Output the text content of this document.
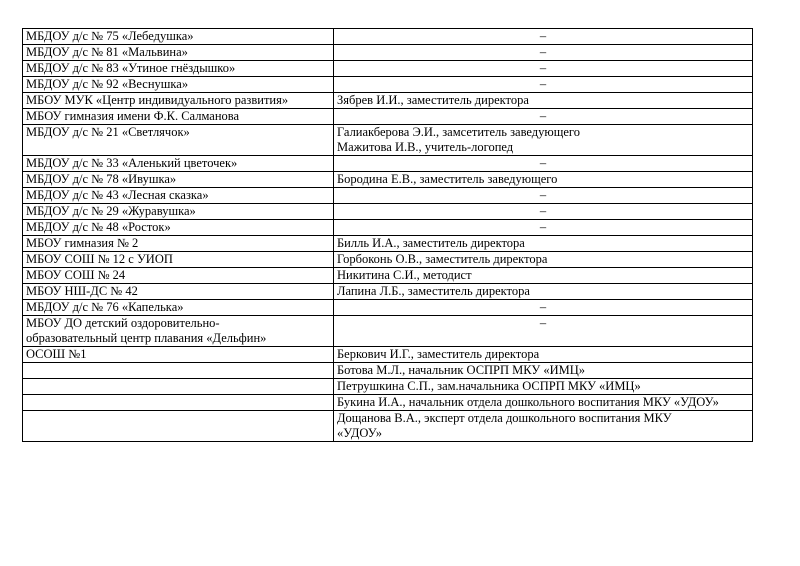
МБДОУ д/с № 75 «Лебедушка»	–
МБДОУ д/с № 81 «Мальвина»	–
МБДОУ д/с № 83 «Утиное гнёздышко»	–
МБДОУ д/с № 92 «Веснушка»	–
МБОУ МУК «Центр индивидуального развития»	Зябрев И.И., заместитель директора
МБОУ гимназия имени Ф.К. Салманова	–
МБДОУ д/с № 21 «Светлячок»	Галиакберова Э.И., замсетитель заведующего
Мажитова И.В., учитель-логопед
МБДОУ д/с № 33 «Аленький цветочек»	–
МБДОУ д/с № 78 «Ивушка»	Бородина Е.В., заместитель заведующего
МБДОУ д/с № 43 «Лесная сказка»	–
МБДОУ д/с № 29 «Журавушка»	–
МБДОУ д/с № 48 «Росток»	–
МБОУ гимназия № 2	Билль И.А., заместитель директора
МБОУ СОШ № 12 с УИОП	Горбоконь О.В., заместитель директора
МБОУ СОШ № 24	Никитина С.И., методист
МБОУ НШ-ДС № 42	Лапина Л.Б., заместитель директора
МБДОУ д/с № 76 «Капелька»	–
МБОУ ДО детский оздоровительно-
образовательный центр плавания «Дельфин»	–
ОСОШ №1	Беркович И.Г., заместитель директора
	Ботова М.Л., начальник ОСПРП МКУ «ИМЦ»
	Петрушкина С.П., зам.начальника ОСПРП МКУ «ИМЦ»
	Букина И.А., начальник отдела дошкольного воспитания МКУ «УДОУ»
	Дощанова В.А., эксперт отдела дошкольного воспитания МКУ
«УДОУ»
